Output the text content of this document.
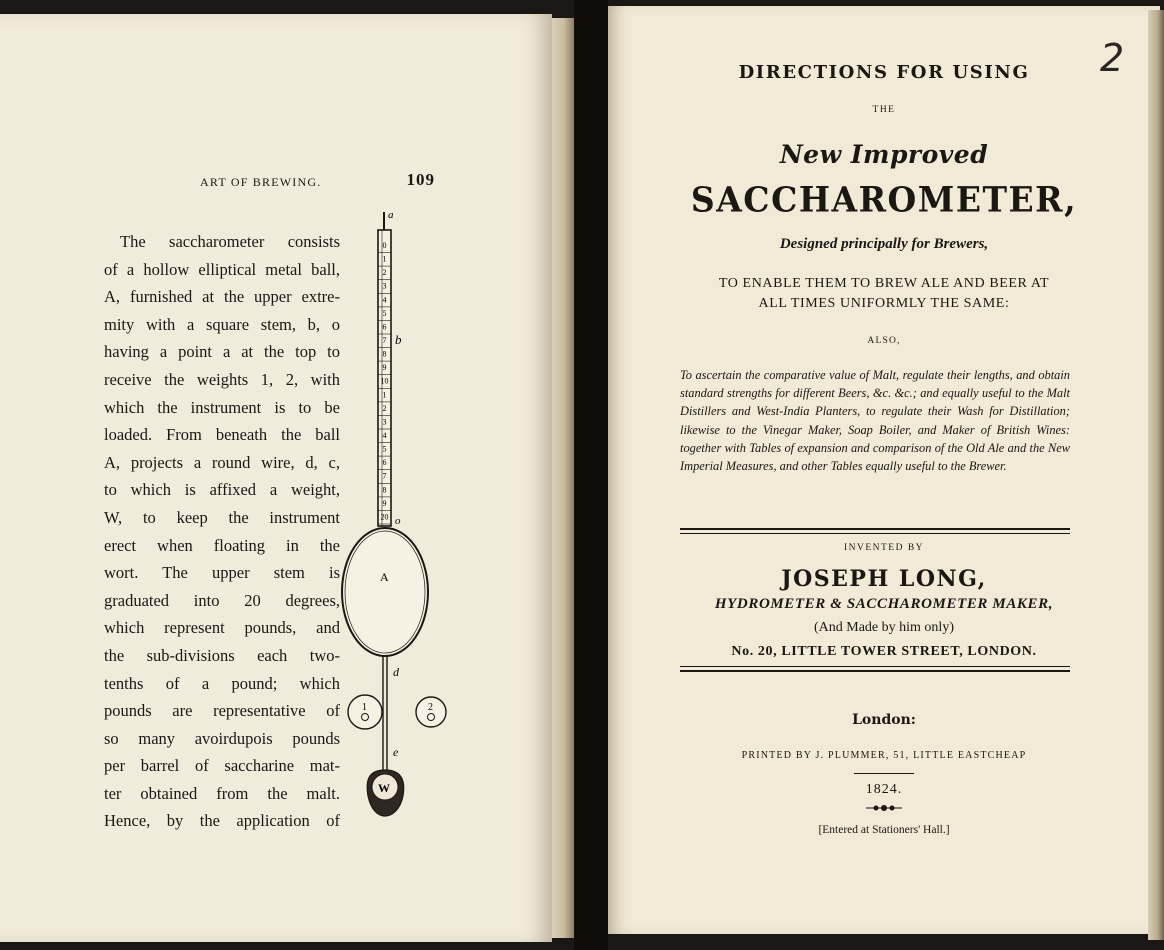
ART OF BREWING.	109
The saccharometer consists
of a hollow elliptical metal ball,
A, furnished at the upper extre-
mity with a square stem, b, o
having a point a at the top to
receive the weights 1, 2, with
which the instrument is to be
loaded. From beneath the ball
A, projects a round wire, d, c,
to which is affixed a weight,
W, to keep the instrument
erect when floating in the
wort. The upper stem is
graduated into 20 degrees,
which represent pounds, and
the sub-divisions each two-
tenths of a pound; which
pounds are representative of
so many avoirdupois pounds
per barrel of saccharine mat-
ter obtained from the malt.
Hence, by the application of
a
0
1
2
3
4
5
6
7
8
9
10
1
2
3
4
5
6
7
8
9
20
b
o
A
d
e
1	2
W
2
DIRECTIONS FOR USING
THE
New Improved
SACCHAROMETER,
Designed principally for Brewers,
TO ENABLE THEM TO BREW ALE AND BEER AT
ALL TIMES UNIFORMLY THE SAME:
ALSO,
To ascertain the comparative value of Malt, regulate their lengths, and obtain standard strengths for different Beers, &c. &c.; and equally useful to the Malt Distillers and West-India Planters, to regulate their Wash for Distillation; likewise to the Vinegar Maker, Soap Boiler, and Maker of British Wines: together with Tables of expansion and comparison of the Old Ale and the New Imperial Measures, and other Tables equally useful to the Brewer.
INVENTED BY
JOSEPH LONG,
HYDROMETER & SACCHAROMETER MAKER,
(And Made by him only)
No. 20, LITTLE TOWER STREET, LONDON.
London:
PRINTED BY J. PLUMMER, 51, LITTLE EASTCHEAP
1824.
[Entered at Stationers' Hall.]
